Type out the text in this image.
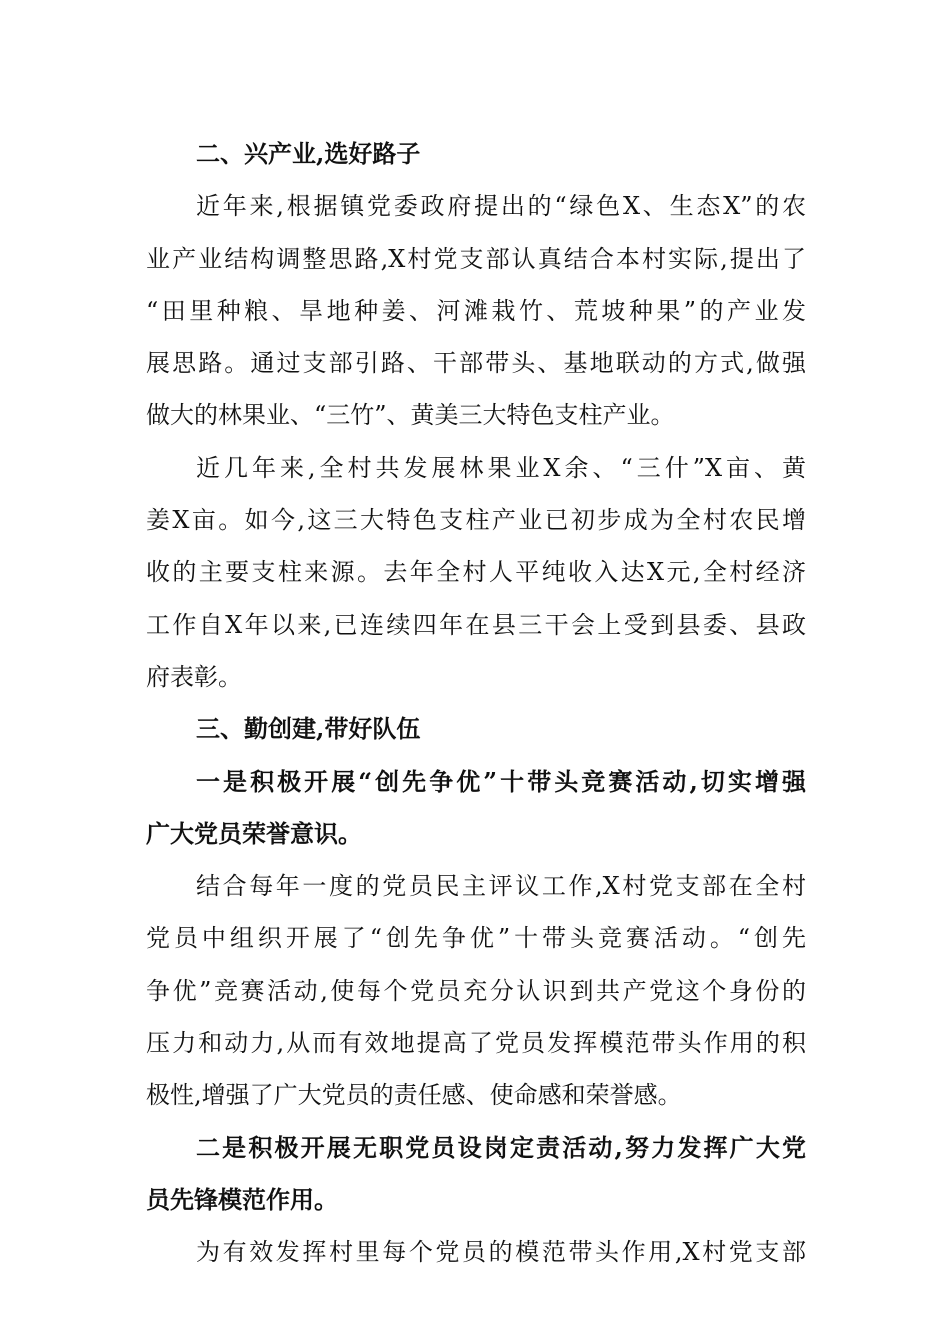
二、兴产业,选好路子
近年来,根据镇党委政府提出的“绿色X、生态X”的农
业产业结构调整思路,X村党支部认真结合本村实际,提出了
“田里种粮、旱地种姜、河滩栽竹、荒坡种果”的产业发
展思路。通过支部引路、干部带头、基地联动的方式,做强
做大的林果业、“三竹”、黄美三大特色支柱产业。
近几年来,全村共发展林果业X余、“三什”X亩、黄
姜X亩。如今,这三大特色支柱产业已初步成为全村农民增
收的主要支柱来源。去年全村人平纯收入达X元,全村经济
工作自X年以来,已连续四年在县三干会上受到县委、县政
府表彰。
三、勤创建,带好队伍
一是积极开展“创先争优”十带头竞赛活动,切实增强
广大党员荣誉意识。
结合每年一度的党员民主评议工作,X村党支部在全村
党员中组织开展了“创先争优”十带头竞赛活动。“创先
争优”竞赛活动,使每个党员充分认识到共产党这个身份的
压力和动力,从而有效地提高了党员发挥模范带头作用的积
极性,增强了广大党员的责任感、使命感和荣誉感。
二是积极开展无职党员设岗定责活动,努力发挥广大党
员先锋模范作用。
为有效发挥村里每个党员的模范带头作用,X村党支部
